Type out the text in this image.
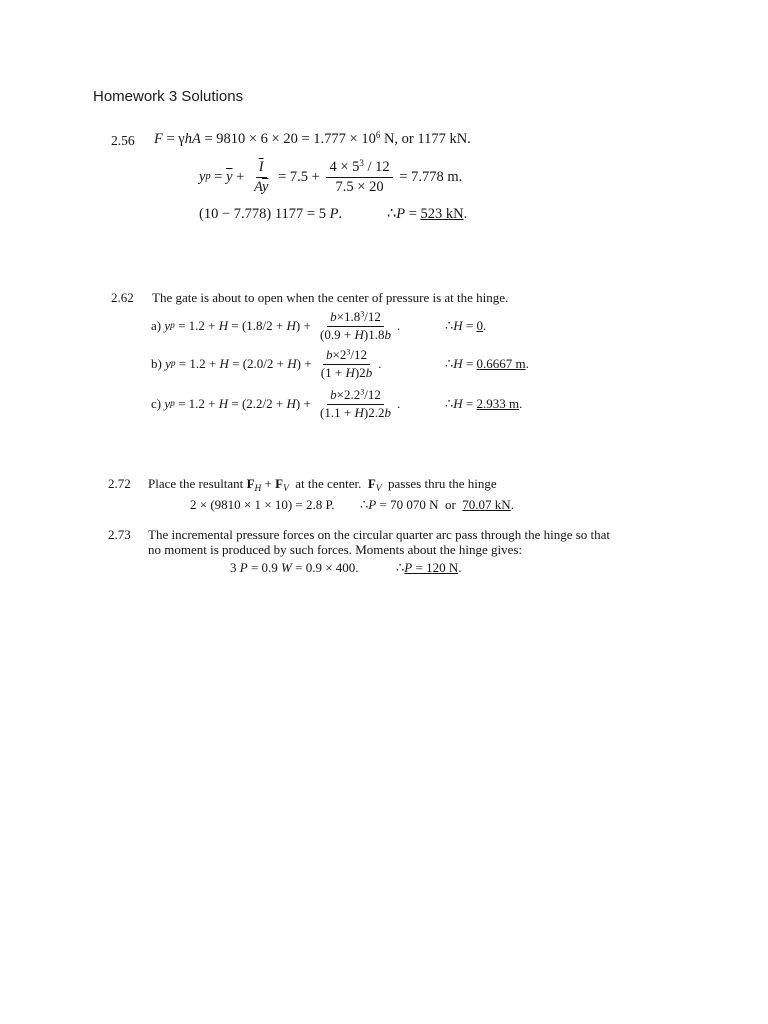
Homework 3 Solutions
2.56 $F = \gamma hA = 9810 \times 6 \times 20 = 1.777 \times 10^6$ N, or 1177 kN.
y $p = \overline{y} + \frac{\overline{I}}{A\overline{y}} = 7.5 + \frac{4 \times 5^3 / 12}{7.5 \times 20} = 7.778$ m.
(10 − 7.778) 1177 = 5 P.	∴P = 523 kN.
2.62 The gate is about to open when the center of pressure is at the hinge.
a)
y p = 1.2 + H = (1.8/2 + H ) + $\frac{b\times 1.8^3/12}{(0.9 + H)1.8b}$ .	∴H = 0.
b)
y p = 1.2 + H = (2.0/2 + H ) + $\frac{b\times 2^3/12}{(1 + H)2b}$ .	∴H = 0.6667 m.
c)
y p = 1.2 + H = (2.2/2 + H ) + $\frac{b\times 2.2^3/12}{(1.1 + H)2.2b}$ .	∴H = 2.933 m.
2.72 Place the resultant $F_H + F_V$  at the center.  $F_V$  passes thru the hinge
2 × (9810 × 1 × 10) = 2.8 P. ∴P = 70 070 N  or  70.07 kN.
2.73 The incremental pressure forces on the circular quarter arc pass through the hinge so that
no moment is produced by such forces. Moments about the hinge gives:
3 P = 0.9 W = 0.9 × 400.	∴P = 120 N.
